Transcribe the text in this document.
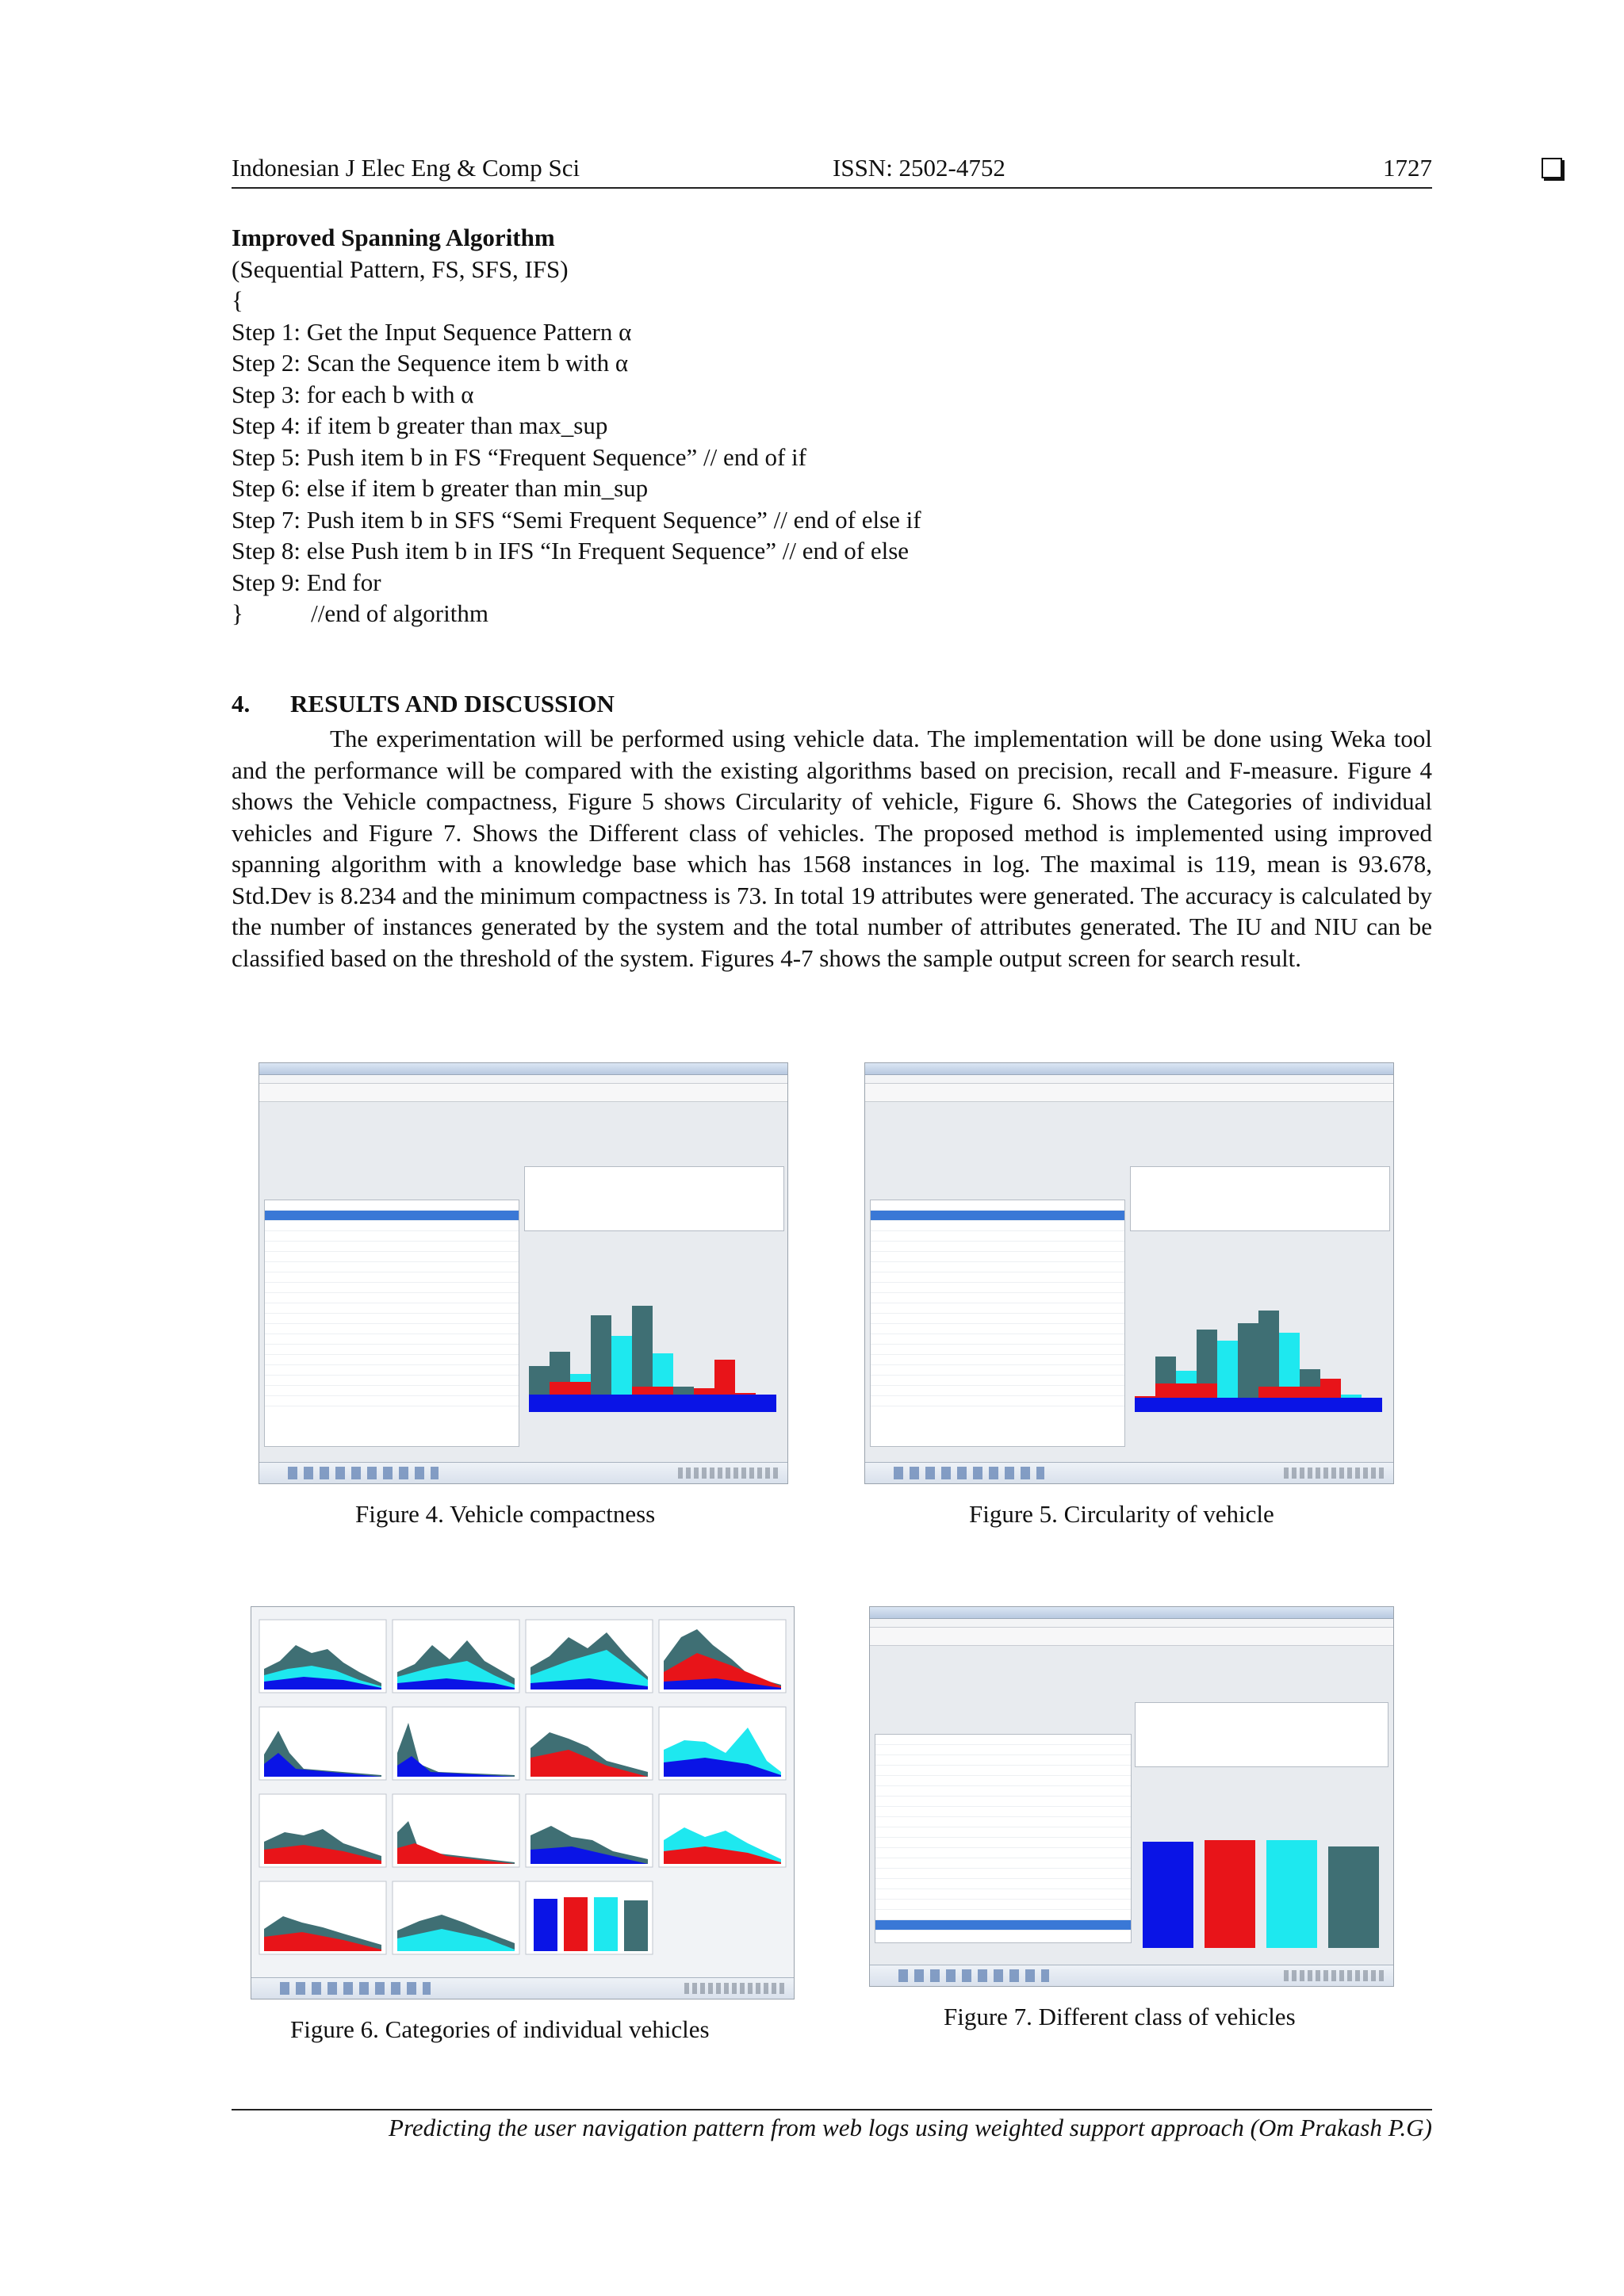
Indonesian J Elec Eng & Comp Sci	ISSN: 2502-4752	1727
Improved Spanning Algorithm
(Sequential Pattern, FS, SFS, IFS)
{
Step 1: Get the Input Sequence Pattern α
Step 2: Scan the Sequence item b with α
Step 3: for each b with α
Step 4: if item b greater than max_sup
Step 5: Push item b in FS “Frequent Sequence” // end of if
Step 6: else if item b greater than min_sup
Step 7: Push item b in SFS “Semi Frequent Sequence” // end of else if
Step 8: else Push item b in IFS “In Frequent Sequence” // end of else
Step 9: End for
}           //end of algorithm
4. RESULTS AND DISCUSSION

The experimentation will be performed using vehicle data. The implementation will be done using Weka tool and the performance will be compared with the existing algorithms based on precision, recall and F-measure. Figure 4 shows the Vehicle compactness, Figure 5 shows Circularity of vehicle, Figure 6. Shows the Categories of individual vehicles and Figure 7. Shows the Different class of vehicles. The proposed method is implemented using improved spanning algorithm with a knowledge base which has 1568 instances in log. The maximal is 119, mean is 93.678, Std.Dev is 8.234 and the minimum compactness is 73. In total 19 attributes were generated. The accuracy is calculated by the number of instances generated by the system and the total number of attributes generated. The IU and NIU can be classified based on the threshold of the system. Figures 4-7 shows the sample output screen for search result.

Figure 4. Vehicle compactness	Figure 5. Circularity of vehicle
Figure 6. Categories of individual vehicles	Figure 7. Different class of vehicles
Predicting the user navigation pattern from web logs using weighted support approach (Om Prakash P.G)
